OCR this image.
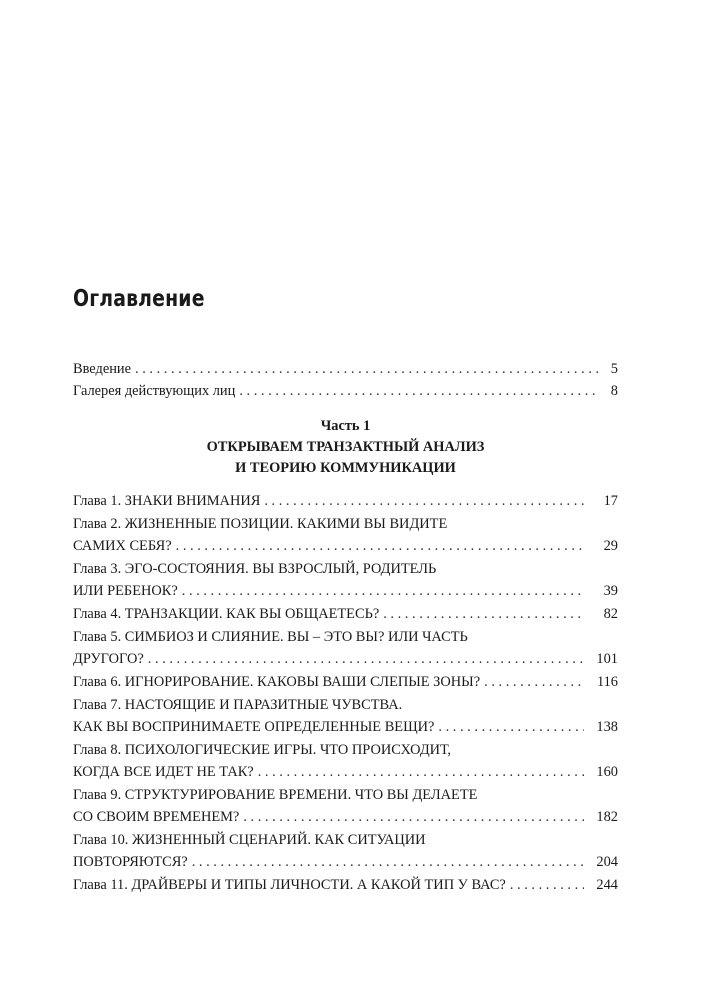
Оглавление
Введение . . .	5
Галерея действующих лиц . . .	8
Часть 1
ОТКРЫВАЕМ ТРАНЗАКТНЫЙ АНАЛИЗ
И ТЕОРИЮ КОММУНИКАЦИИ
Глава 1. ЗНАКИ ВНИМАНИЯ . . .	17
Глава 2. ЖИЗНЕННЫЕ ПОЗИЦИИ. КАКИМИ ВЫ ВИДИТЕ
САМИХ СЕБЯ? . . .	29
Глава 3. ЭГО-СОСТОЯНИЯ. ВЫ ВЗРОСЛЫЙ, РОДИТЕЛЬ
ИЛИ РЕБЕНОК? . . .	39
Глава 4. ТРАНЗАКЦИИ. КАК ВЫ ОБЩАЕТЕСЬ? . . .	82
Глава 5. СИМБИОЗ И СЛИЯНИЕ. ВЫ – ЭТО ВЫ? ИЛИ ЧАСТЬ
ДРУГОГО? . . .	101
Глава 6. ИГНОРИРОВАНИЕ. КАКОВЫ ВАШИ СЛЕПЫЕ ЗОНЫ? . . .	116
Глава 7. НАСТОЯЩИЕ И ПАРАЗИТНЫЕ ЧУВСТВА.
КАК ВЫ ВОСПРИНИМАЕТЕ ОПРЕДЕЛЕННЫЕ ВЕЩИ? . . .	138
Глава 8. ПСИХОЛОГИЧЕСКИЕ ИГРЫ. ЧТО ПРОИСХОДИТ,
КОГДА ВСЕ ИДЕТ НЕ ТАК? . . .	160
Глава 9. СТРУКТУРИРОВАНИЕ ВРЕМЕНИ. ЧТО ВЫ ДЕЛАЕТЕ
СО СВОИМ ВРЕМЕНЕМ? . . .	182
Глава 10. ЖИЗНЕННЫЙ СЦЕНАРИЙ. КАК СИТУАЦИИ
ПОВТОРЯЮТСЯ? . . .	204
Глава 11. ДРАЙВЕРЫ И ТИПЫ ЛИЧНОСТИ. А КАКОЙ ТИП У ВАС? . . .	244
